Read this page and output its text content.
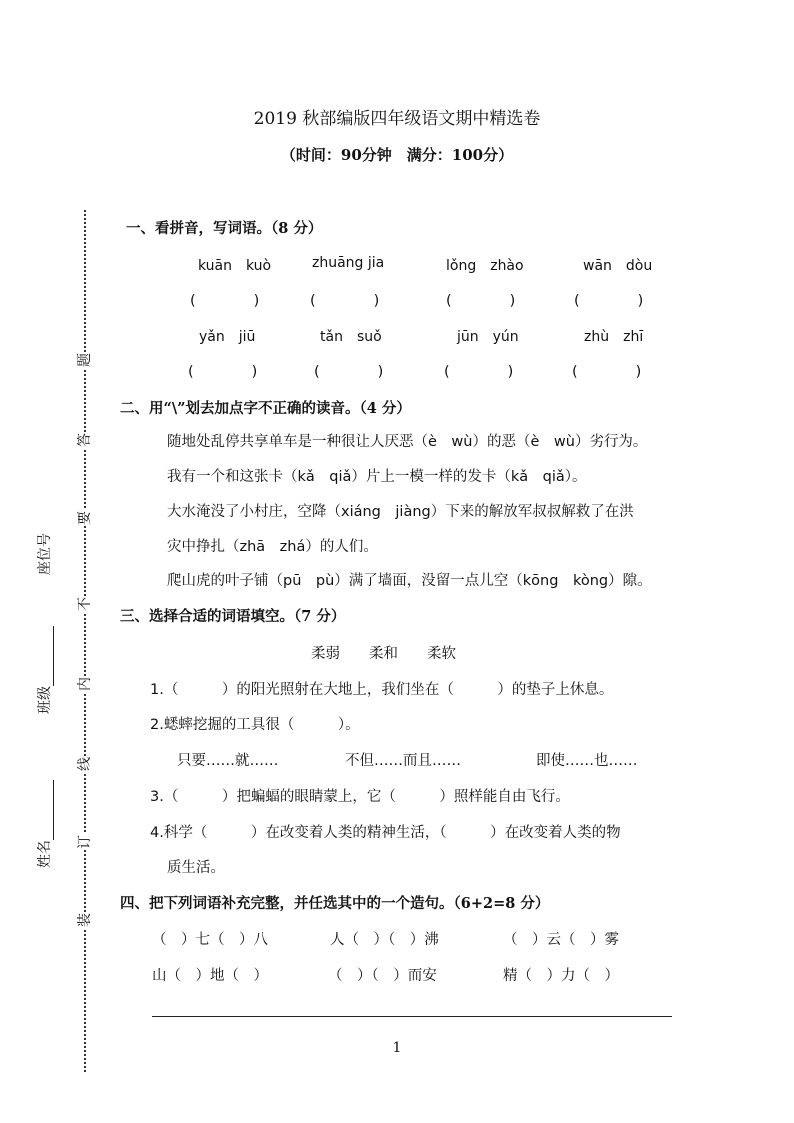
题
答
要
不
内
线
订
装
座位号
班级
姓名
2019 秋部编版四年级语文期中精选卷
（时间：90分钟　满分：100分）
一、看拼音，写词语。（8 分）
kuān　kuò	zhuāng jia	lǒng　zhào	wān　dòu
(　　　　)	(　　　　)	(　　　　)	(　　　　)
yǎn　jiū	tǎn　suǒ	jūn　yún	zhù　zhī
(　　　　)	(　　　　)	(　　　　)	(　　　　)
二、用“\”划去加点字不正确的读音。（4 分）
随地处乱停共享单车是一种很让人厌恶（è　wù）的恶（è　wù）劣行为。
我有一个和这张卡（kǎ　qiǎ）片上一模一样的发卡（kǎ　qiǎ）。
大水淹没了小村庄，空降（xiáng　jiàng）下来的解放军叔叔解救了在洪
灾中挣扎（zhā　zhá）的人们。
爬山虎的叶子铺（pū　pù）满了墙面，没留一点儿空（kōng　kòng）隙。
三、选择合适的词语填空。（7 分）
柔弱　　柔和　　柔软
1.（　　　）的阳光照射在大地上，我们坐在（　　　）的垫子上休息。
2.蟋蟀挖掘的工具很（　　　）。
只要……就……	不但……而且……	即使……也……
3.（　　　）把蝙蝠的眼睛蒙上，它（　　　）照样能自由飞行。
4.科学（　　　）在改变着人类的精神生活，（　　　）在改变着人类的物
质生活。
四、把下列词语补充完整，并任选其中的一个造句。（6+2=8 分）
（　）七（　）八	人（　）（　）沸	（　）云（　）雾
山（　）地（　）	（　）（　）而安	精（　）力（　）
1
